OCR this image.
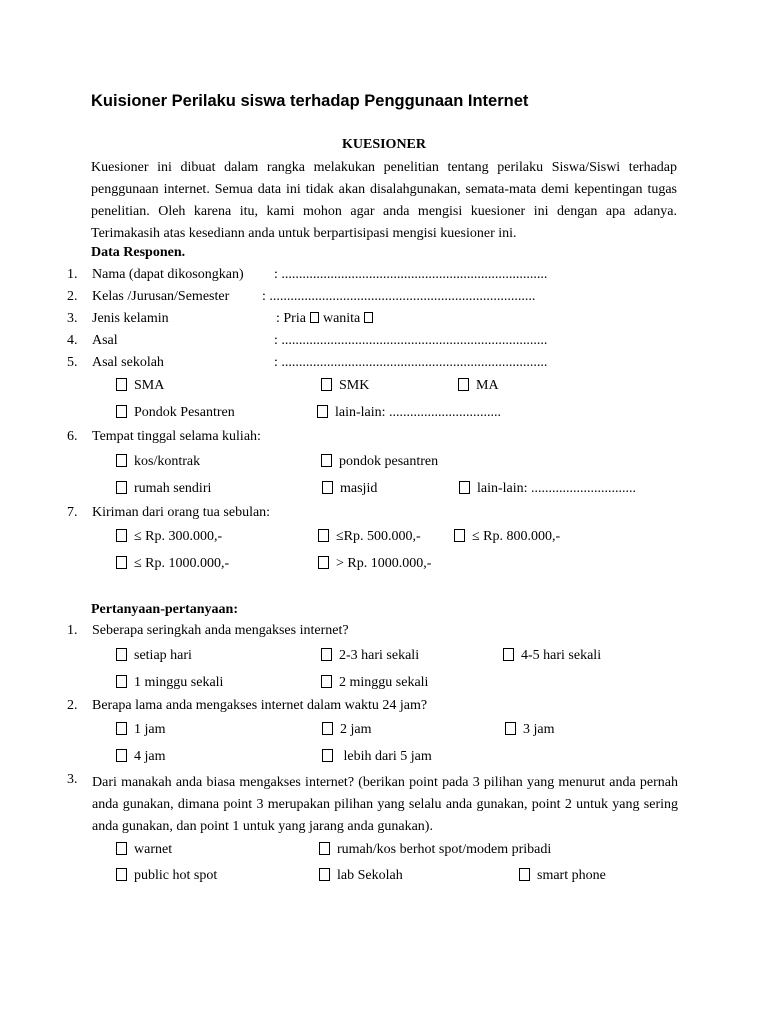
Kuisioner Perilaku siswa terhadap Penggunaan Internet
KUESIONER
Kuesioner ini dibuat dalam rangka melakukan penelitian tentang perilaku Siswa/Siswi terhadap penggunaan internet. Semua data ini tidak akan disalahgunakan, semata-mata demi kepentingan tugas penelitian. Oleh karena itu, kami mohon agar anda mengisi kuesioner ini dengan apa adanya. Terimakasih atas kesediann anda untuk berpartisipasi mengisi kuesioner ini.
Data Responen.
1. Nama (dapat dikosongkan) : ............................................................................
2. Kelas /Jurusan/Semester : ............................................................................
3. Jenis kelamin	: Pria wanita
4. Asal	: ............................................................................
5. Asal sekolah	: ............................................................................
SMA	SMK	MA
Pondok Pesantren	lain-lain: ................................
6. Tempat tinggal selama kuliah:
kos/kontrak	pondok pesantren
rumah sendiri	masjid	lain-lain: ..............................
7. Kiriman dari orang tua sebulan:
≤ Rp. 300.000,-	≤Rp. 500.000,-	≤ Rp. 800.000,-
≤ Rp. 1000.000,-	> Rp. 1000.000,-
Pertanyaan-pertanyaan:
1. Seberapa seringkah anda mengakses internet?
setiap hari	2-3 hari sekali	4-5 hari sekali
1 minggu sekali	2 minggu sekali
2. Berapa lama anda mengakses internet dalam waktu 24 jam?
1 jam	2 jam	3 jam
4 jam	lebih dari 5 jam
3. Dari manakah anda biasa mengakses internet? (berikan point pada 3 pilihan yang menurut anda pernah anda gunakan, dimana point 3 merupakan pilihan yang selalu anda gunakan, point 2 untuk yang sering anda gunakan, dan point 1 untuk yang jarang anda gunakan).
warnet	rumah/kos berhot spot/modem pribadi
public hot spot	lab Sekolah	smart phone
